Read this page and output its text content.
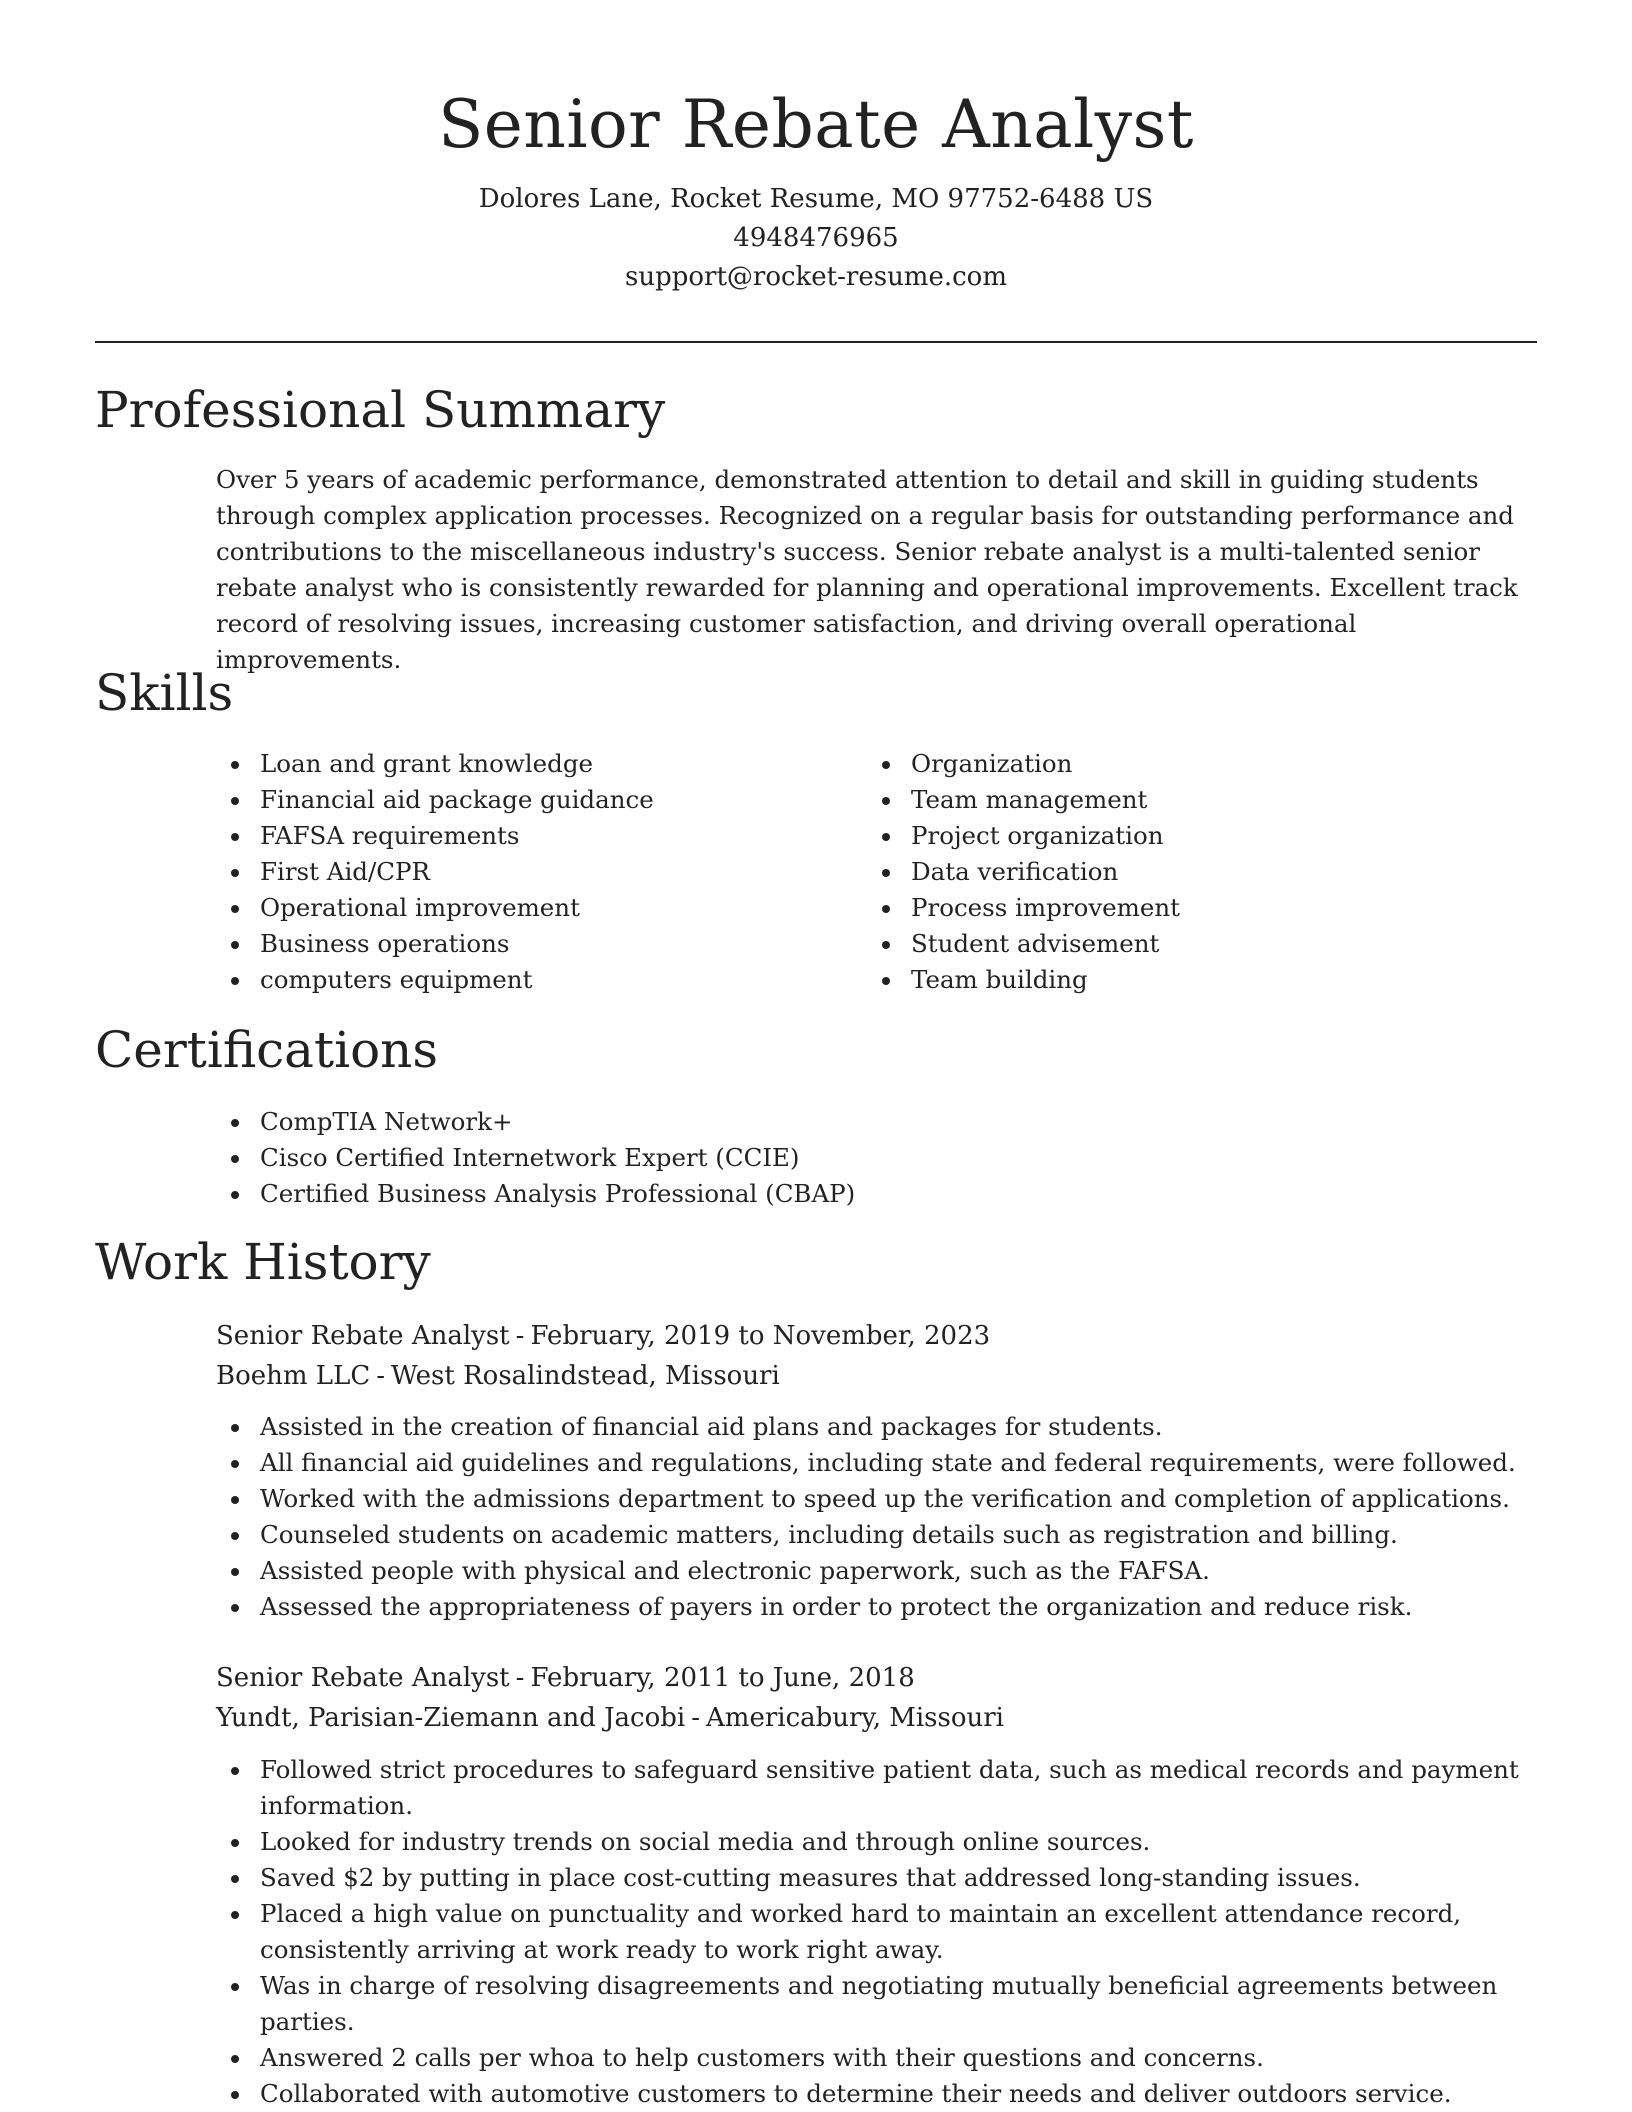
Senior Rebate Analyst
Dolores Lane, Rocket Resume, MO 97752-6488 US
4948476965
support@rocket-resume.com
Professional Summary

Over 5 years of academic performance, demonstrated attention to detail and skill in guiding students through complex application processes. Recognized on a regular basis for outstanding performance and contributions to the miscellaneous industry's success. Senior rebate analyst is a multi-talented senior rebate analyst who is consistently rewarded for planning and operational improvements. Excellent track record of resolving issues, increasing customer satisfaction, and driving overall operational improvements.

Skills
Loan and grant knowledge
Financial aid package guidance
FAFSA requirements
First Aid/CPR
Operational improvement
Business operations
computers equipment
Organization
Team management
Project organization
Data verification
Process improvement
Student advisement
Team building
Certifications
CompTIA Network+
Cisco Certified Internetwork Expert (CCIE)
Certified Business Analysis Professional (CBAP)
Work History
Senior Rebate Analyst - February, 2019 to November, 2023
Boehm LLC - West Rosalindstead, Missouri
Assisted in the creation of financial aid plans and packages for students.
All financial aid guidelines and regulations, including state and federal requirements, were followed.
Worked with the admissions department to speed up the verification and completion of applications.
Counseled students on academic matters, including details such as registration and billing.
Assisted people with physical and electronic paperwork, such as the FAFSA.
Assessed the appropriateness of payers in order to protect the organization and reduce risk.
Senior Rebate Analyst - February, 2011 to June, 2018
Yundt, Parisian-Ziemann and Jacobi - Americabury, Missouri
Followed strict procedures to safeguard sensitive patient data, such as medical records and payment information.
Looked for industry trends on social media and through online sources.
Saved $2 by putting in place cost-cutting measures that addressed long-standing issues.
Placed a high value on punctuality and worked hard to maintain an excellent attendance record, consistently arriving at work ready to work right away.
Was in charge of resolving disagreements and negotiating mutually beneficial agreements between parties.
Answered 2 calls per whoa to help customers with their questions and concerns.
Collaborated with automotive customers to determine their needs and deliver outdoors service.
